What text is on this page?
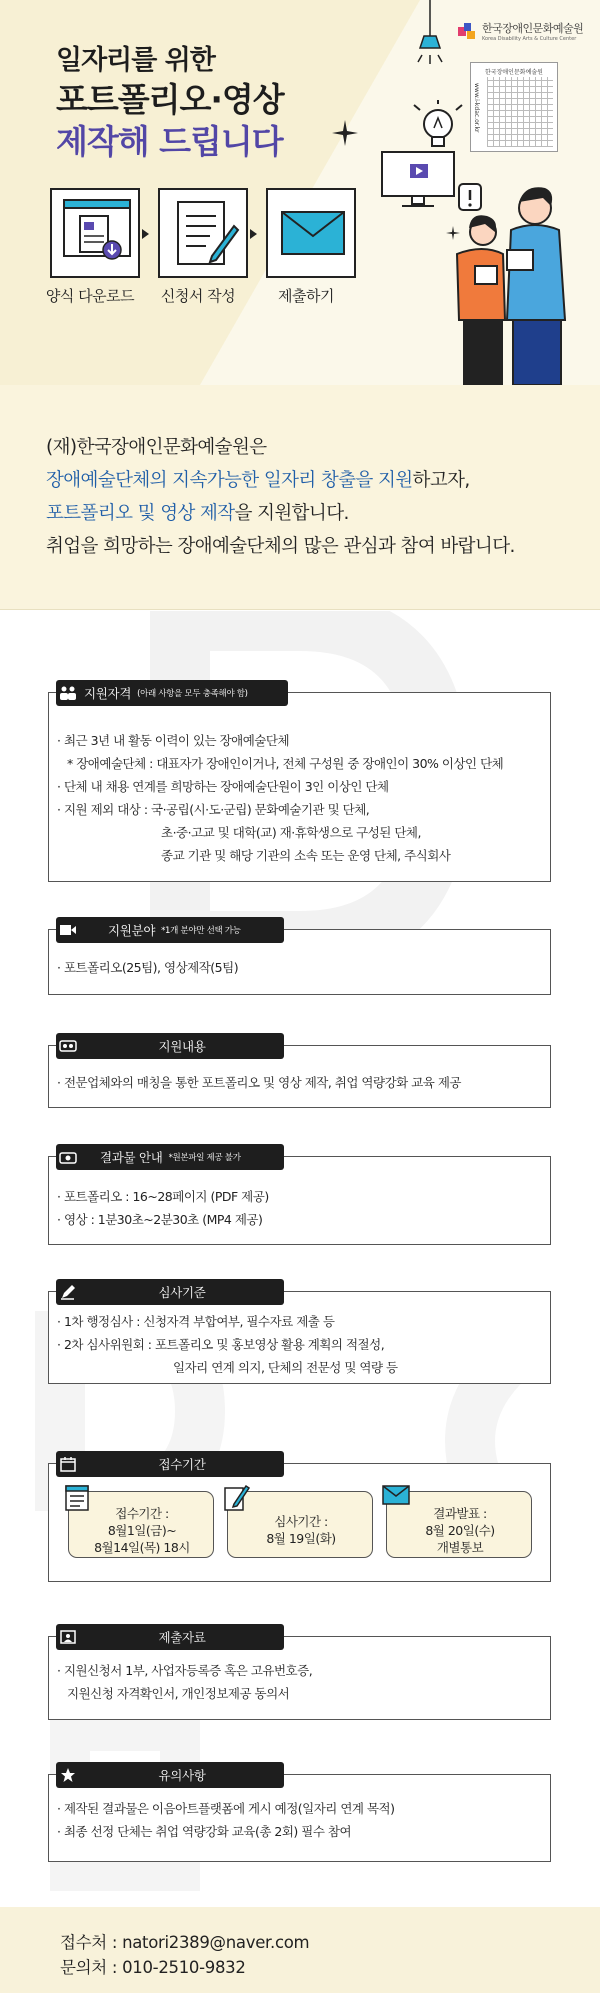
한국장애인문화예술원
Korea Disability Arts & Culture Center
일자리를 위한
포트폴리오·영상
제작해 드립니다
한국장애인문화예술원
www.i-kdac.or.kr
양식 다운로드	신청서 작성	제출하기

(재)한국장애인문화예술원은

장애예술단체의 지속가능한 일자리 창출을 지원하고자,

포트폴리오 및 영상 제작을 지원합니다.

취업을 희망하는 장애예술단체의 많은 관심과 참여 바랍니다.

· 최근 3년 내 활동 이력이 있는 장애예술단체
* 장애예술단체 : 대표자가 장애인이거나, 전체 구성원 중 장애인이 30% 이상인 단체
· 단체 내 채용 연계를 희망하는 장애예술단원이 3인 이상인 단체
· 지원 제외 대상 : 국·공립(시·도·군립) 문화예술기관 및 단체,
초·중·고교 및 대학(교) 재·휴학생으로 구성된 단체,
종교 기관 및 해당 기관의 소속 또는 운영 단체, 주식회사
지원자격 (아래 사항을 모두 충족해야 함)
· 포트폴리오(25팀), 영상제작(5팀)
지원분야 *1개 분야만 선택 가능
· 전문업체와의 매칭을 통한 포트폴리오 및 영상 제작, 취업 역량강화 교육 제공
지원내용
· 포트폴리오 : 16~28페이지 (PDF 제공)
· 영상 : 1분30초~2분30초 (MP4 제공)
결과물 안내 *원본파일 제공 불가
· 1차 행정심사 : 신청자격 부합여부, 필수자료 제출 등
· 2차 심사위원회 : 포트폴리오 및 홍보영상 활용 계획의 적절성,
일자리 연계 의지, 단체의 전문성 및 역량 등
심사기준
접수기간
접수기간 :
8월1일(금)~
8월14일(목) 18시
심사기간 :
8월 19일(화)
결과발표 :
8월 20일(수)
개별통보
· 지원신청서 1부, 사업자등록증 혹은 고유번호증,
지원신청 자격확인서, 개인정보제공 동의서
제출자료
· 제작된 결과물은 이음아트플랫폼에 게시 예정(일자리 연계 목적)
· 최종 선정 단체는 취업 역량강화 교육(총 2회) 필수 참여
유의사항
접수처 : natori2389@naver.com
문의처 : 010-2510-9832
